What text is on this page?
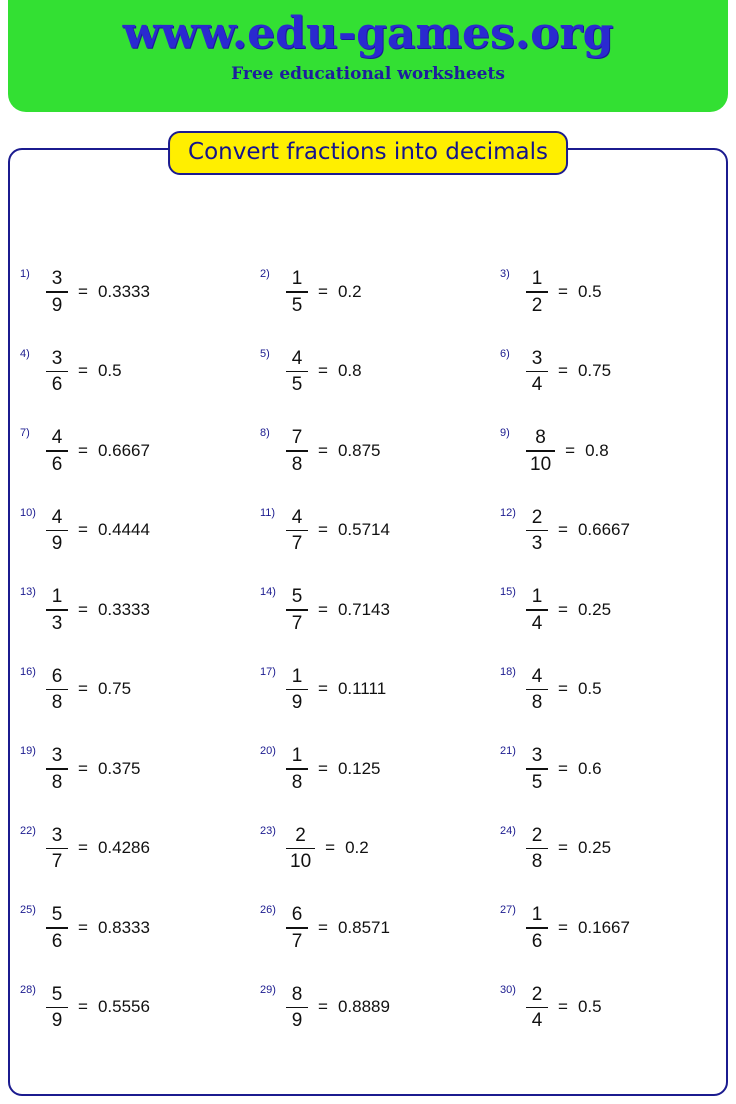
www.edu-games.org
Free educational worksheets
Convert fractions into decimals
$1) \frac{3}{9} = 0.3333$
$2) \frac{1}{5} = 0.2$
$3) \frac{1}{2} = 0.5$
$4) \frac{3}{6} = 0.5$
$5) \frac{4}{5} = 0.8$
$6) \frac{3}{4} = 0.75$
$7) \frac{4}{6} = 0.6667$
$8) \frac{7}{8} = 0.875$
$9) \frac{8}{10} = 0.8$
$10) \frac{4}{9} = 0.4444$
$11) \frac{4}{7} = 0.5714$
$12) \frac{2}{3} = 0.6667$
$13) \frac{1}{3} = 0.3333$
$14) \frac{5}{7} = 0.7143$
$15) \frac{1}{4} = 0.25$
$16) \frac{6}{8} = 0.75$
$17) \frac{1}{9} = 0.1111$
$18) \frac{4}{8} = 0.5$
$19) \frac{3}{8} = 0.375$
$20) \frac{1}{8} = 0.125$
$21) \frac{3}{5} = 0.6$
$22) \frac{3}{7} = 0.4286$
$23) \frac{2}{10} = 0.2$
$24) \frac{2}{8} = 0.25$
$25) \frac{5}{6} = 0.8333$
$26) \frac{6}{7} = 0.8571$
$27) \frac{1}{6} = 0.1667$
$28) \frac{5}{9} = 0.5556$
$29) \frac{8}{9} = 0.8889$
$30) \frac{2}{4} = 0.5$
